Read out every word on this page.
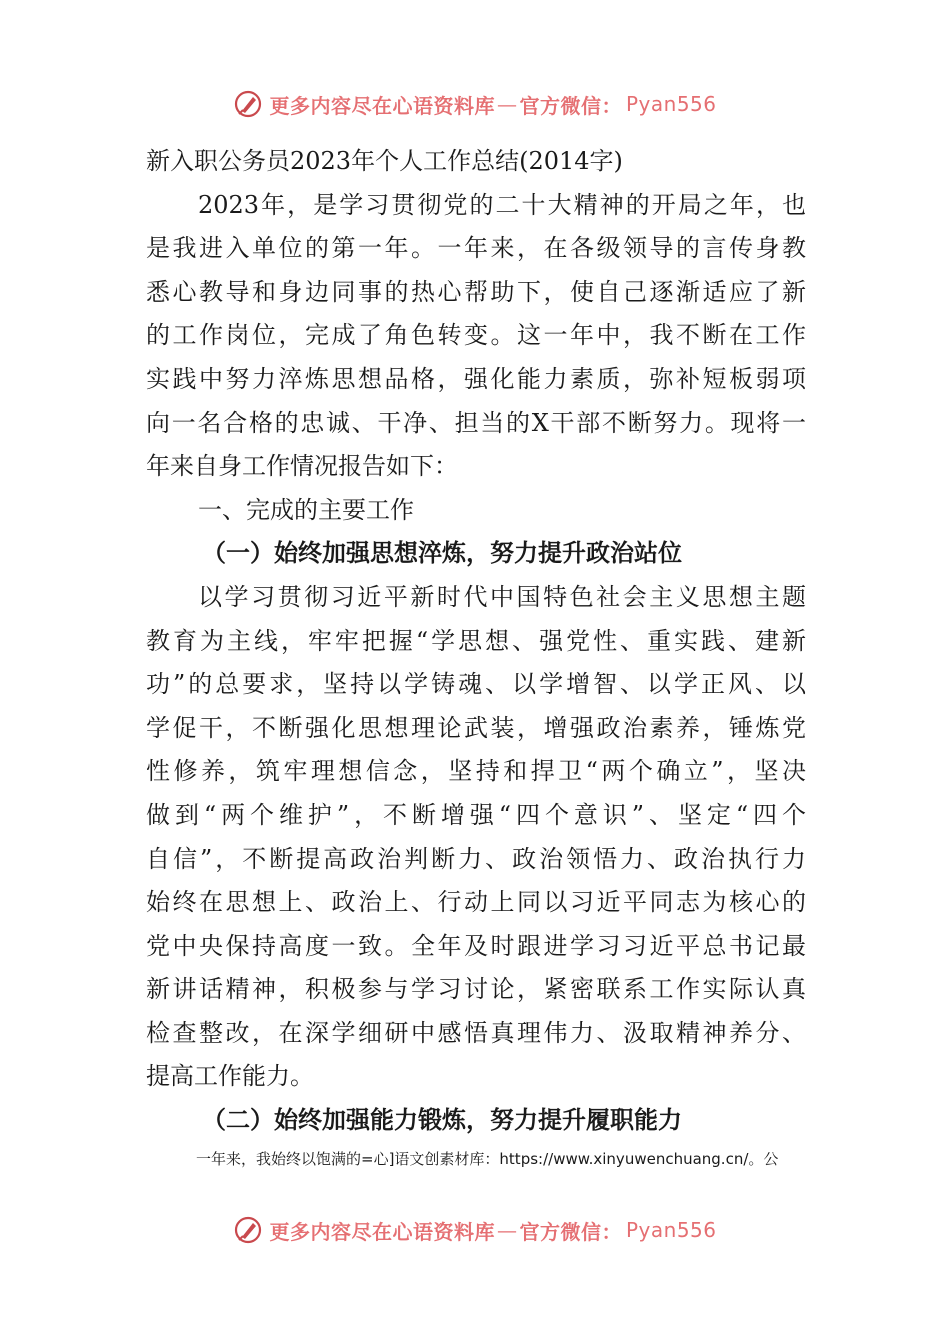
更多内容尽在心语资料库 — 官方微信： Pyan556
新入职公务员2023年个人工作总结(2014字)
2023年，是学习贯彻党的二十大精神的开局之年，也
是我进入单位的第一年。一年来，在各级领导的言传身教
悉心教导和身边同事的热心帮助下，使自己逐渐适应了新
的工作岗位，完成了角色转变。这一年中，我不断在工作
实践中努力淬炼思想品格，强化能力素质，弥补短板弱项
向一名合格的忠诚、干净、担当的X干部不断努力。现将一
年来自身工作情况报告如下：
一、完成的主要工作
（一）始终加强思想淬炼，努力提升政治站位
以学习贯彻习近平新时代中国特色社会主义思想主题
教育为主线，牢牢把握“学思想、强党性、重实践、建新
功”的总要求，坚持以学铸魂、以学增智、以学正风、以
学促干，不断强化思想理论武装，增强政治素养，锤炼党
性修养，筑牢理想信念，坚持和捍卫“两个确立”，坚决
做到“两个维护”，不断增强“四个意识”、坚定“四个
自信”，不断提高政治判断力、政治领悟力、政治执行力
始终在思想上、政治上、行动上同以习近平同志为核心的
党中央保持高度一致。全年及时跟进学习习近平总书记最
新讲话精神，积极参与学习讨论，紧密联系工作实际认真
检查整改，在深学细研中感悟真理伟力、汲取精神养分、
提高工作能力。
（二）始终加强能力锻炼，努力提升履职能力
一年来，我始终以饱满的=心]语文创素材库：https://www.xinyuwenchuang.cn/。公
更多内容尽在心语资料库 — 官方微信： Pyan556
